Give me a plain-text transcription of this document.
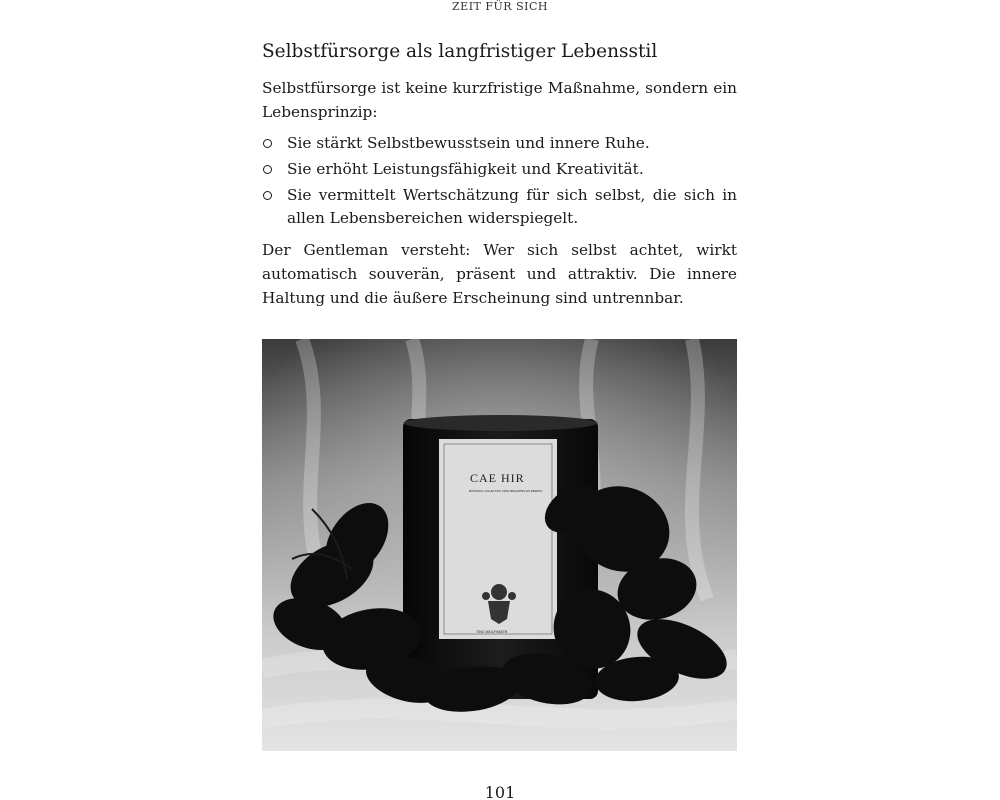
ZEIT FÜR SICH
Selbstfürsorge als langfristiger Lebensstil

Selbstfürsorge ist keine kurzfristige Maßnahme, sondern ein Lebensprinzip:

Sie stärkt Selbstbewusstsein und innere Ruhe.
Sie erhöht Leistungsfähigkeit und Kreativität.
Sie vermittelt Wertschätzung für sich selbst, die sich in allen Lebensbereichen widerspiegelt.

Der Gentleman versteht: Wer sich selbst achtet, wirkt automatisch souverän, präsent und attraktiv. Die innere Haltung und die äußere Erscheinung sind untrennbar.

CAE HIR
BOTANICAL COLLECTION KRÄUTERGARTEN IM LINDERTZ
TINO WOLFINGER
101
